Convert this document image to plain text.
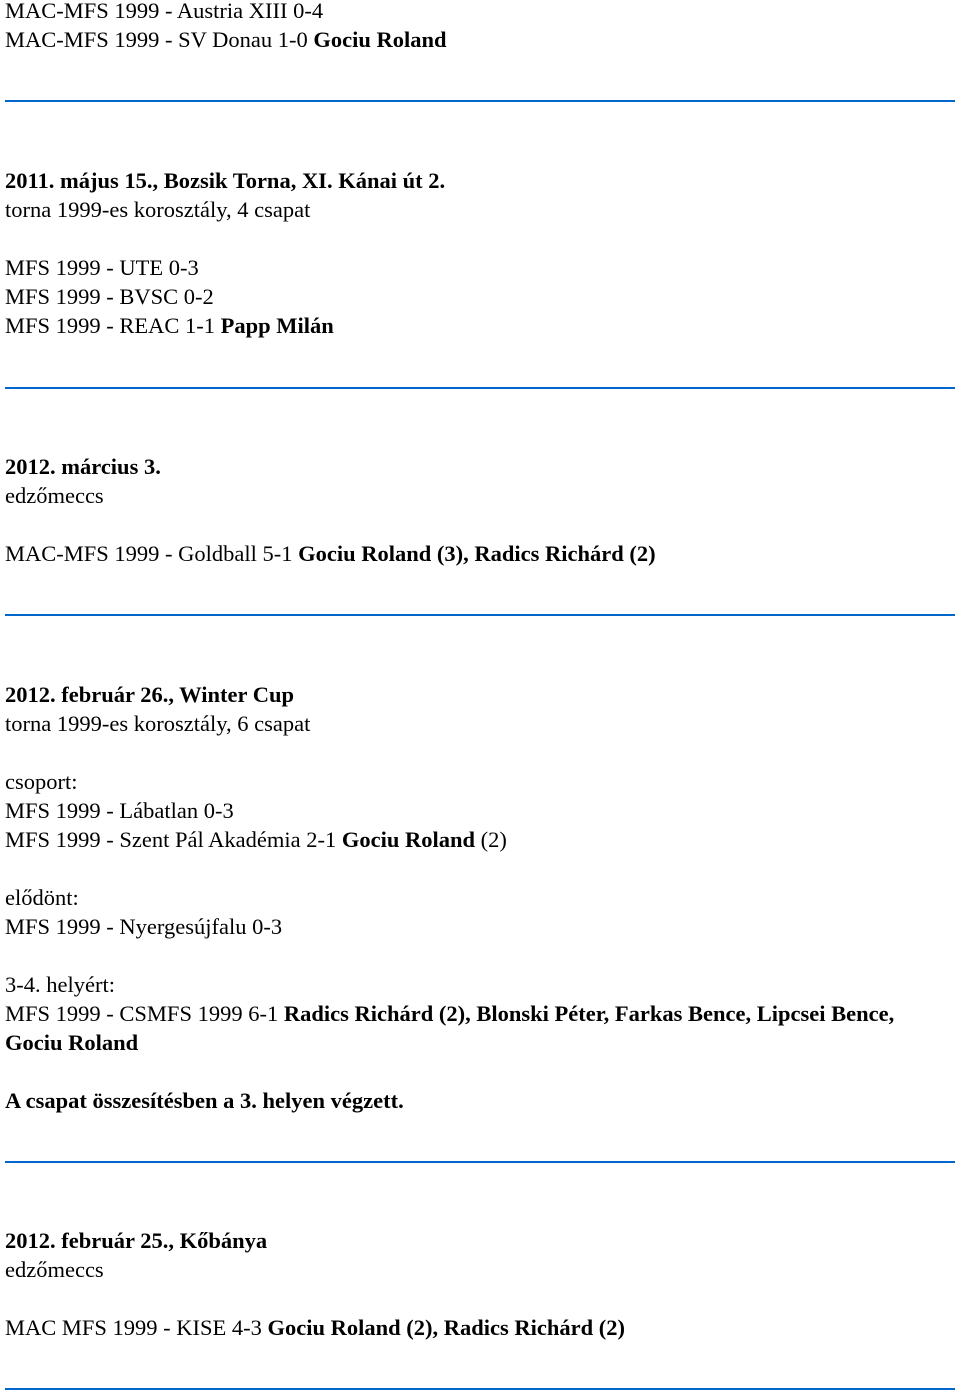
MAC-MFS 1999 - Austria XIII 0-4
MAC-MFS 1999 - SV Donau 1-0 Gociu Roland
2011. május 15., Bozsik Torna, XI. Kánai út 2.
torna 1999-es korosztály, 4 csapat
MFS 1999 - UTE 0-3
MFS 1999 - BVSC 0-2
MFS 1999 - REAC 1-1 Papp Milán
2012. március 3.
edzőmeccs
MAC-MFS 1999 - Goldball 5-1 Gociu Roland (3), Radics Richárd (2)
2012. február 26., Winter Cup
torna 1999-es korosztály, 6 csapat
csoport:
MFS 1999 - Lábatlan 0-3
MFS 1999 - Szent Pál Akadémia 2-1 Gociu Roland (2)
elődönt:
MFS 1999 - Nyergesújfalu 0-3
3-4. helyért:
MFS 1999 - CSMFS 1999 6-1 Radics Richárd (2), Blonski Péter, Farkas Bence, Lipcsei Bence, Gociu Roland
A csapat összesítésben a 3. helyen végzett.
2012. február 25., Kőbánya
edzőmeccs
MAC MFS 1999 - KISE 4-3 Gociu Roland (2), Radics Richárd (2)
